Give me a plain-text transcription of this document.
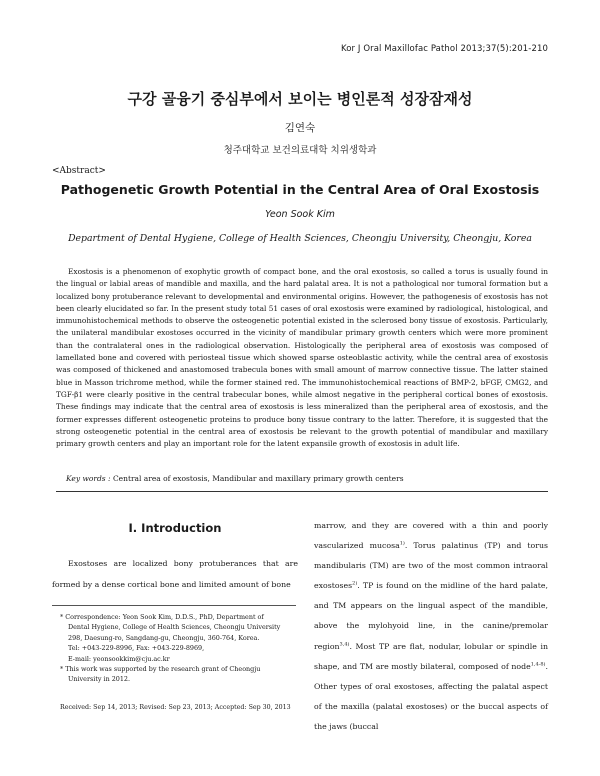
Kor J Oral Maxillofac Pathol 2013;37(5):201-210
구강 골융기 중심부에서 보이는 병인론적 성장잠재성
김연숙
청주대학교 보건의료대학 치위생학과
<Abstract>
Pathogenetic Growth Potential in the Central Area of Oral Exostosis
Yeon Sook Kim
Department of Dental Hygiene, College of Health Sciences, Cheongju University, Cheongju, Korea

Exostosis is a phenomenon of exophytic growth of compact bone, and the oral exostosis, so called a torus is usually found in the lingual or labial areas of mandible and maxilla, and the hard palatal area. It is not a pathological nor tumoral formation but a localized bony protuberance relevant to developmental and environmental origins. However, the pathogenesis of exostosis has not been clearly elucidated so far. In the present study total 51 cases of oral exostosis were examined by radiological, histological, and immunohistochemical methods to observe the osteogenetic potential existed in the sclerosed bony tissue of exostosis. Particularly, the unilateral mandibular exostoses occurred in the vicinity of mandibular primary growth centers which were more prominent than the contralateral ones in the radiological observation. Histologically the peripheral area of exostosis was composed of lamellated bone and covered with periosteal tissue which showed sparse osteoblastic activity, while the central area of exostosis was composed of thickened and anastomosed trabecula bones with small amount of marrow connective tissue. The latter stained blue in Masson trichrome method, while the former stained red. The immunohistochemical reactions of BMP-2, bFGF, CMG2, and TGF-β1 were clearly positive in the central trabecular bones, while almost negative in the peripheral cortical bones of exostosis. These findings may indicate that the central area of exostosis is less mineralized than the peripheral area of exostosis, and the former expresses different osteogenetic proteins to produce bony tissue contrary to the latter. Therefore, it is suggested that the strong osteogenetic potential in the central area of exostosis be relevant to the growth potential of mandibular and maxillary primary growth centers and play an important role for the latent expansile growth of exostosis in adult life.

Key words : Central area of exostosis, Mandibular and maxillary primary growth centers
Ⅰ. Introduction

Exostoses are localized bony protuberances that are formed by a dense cortical bone and limited amount of bone

* Correspondence: Yeon Sook Kim, D.D.S., PhD, Department of
Dental Hygiene, College of Health Sciences, Cheongju University
298, Daesung-ro, Sangdang-gu, Cheongju, 360-764, Korea.
Tel: +043-229-8996, Fax: +043-229-8969,
E-mail: yeonsookkim@cju.ac.kr
* This work was supported by the research grant of Cheongju
University in 2012.
Received: Sep 14, 2013; Revised: Sep 23, 2013; Accepted: Sep 30, 2013

marrow, and they are covered with a thin and poorly vascularized mucosa$^{1)}$. Torus palatinus (TP) and torus mandibularis (TM) are two of the most common intraoral exostoses$^{2)}$. TP is found on the midline of the hard palate, and TM appears on the lingual aspect of the mandible, above the mylohyoid line, in the canine/premolar region$^{3,4)}$. Most TP are flat, nodular, lobular or spindle in shape, and TM are mostly bilateral, composed of node$^{1,4-8)}$. Other types of oral exostoses, affecting the palatal aspect of the maxilla (palatal exostoses) or the buccal aspects of the jaws (buccal
